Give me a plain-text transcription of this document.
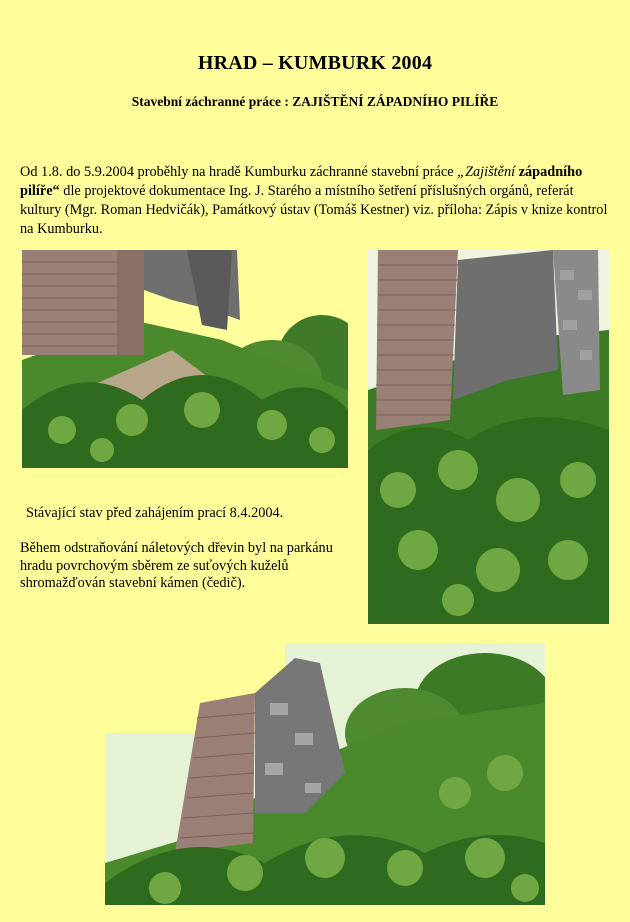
HRAD – KUMBURK 2004
Stavební záchranné práce : ZAJIŠTĚNÍ ZÁPADNÍHO PILÍŘE
Od 1.8. do 5.9.2004 proběhly na hradě Kumburku záchranné stavební práce „Zajištění západního pilíře“ dle projektové dokumentace Ing. J. Starého a místního šetření příslušných orgánů, referát kultury (Mgr. Roman Hedvičák), Památkový ústav (Tomáš Kestner) viz. příloha: Zápis v knize kontrol na Kumburku.
Stávající stav před zahájením prací 8.4.2004.
Během odstraňování náletových dřevin byl na parkánu hradu povrchovým sběrem ze suťových kuželů shromažďován stavební kámen (čedič).
